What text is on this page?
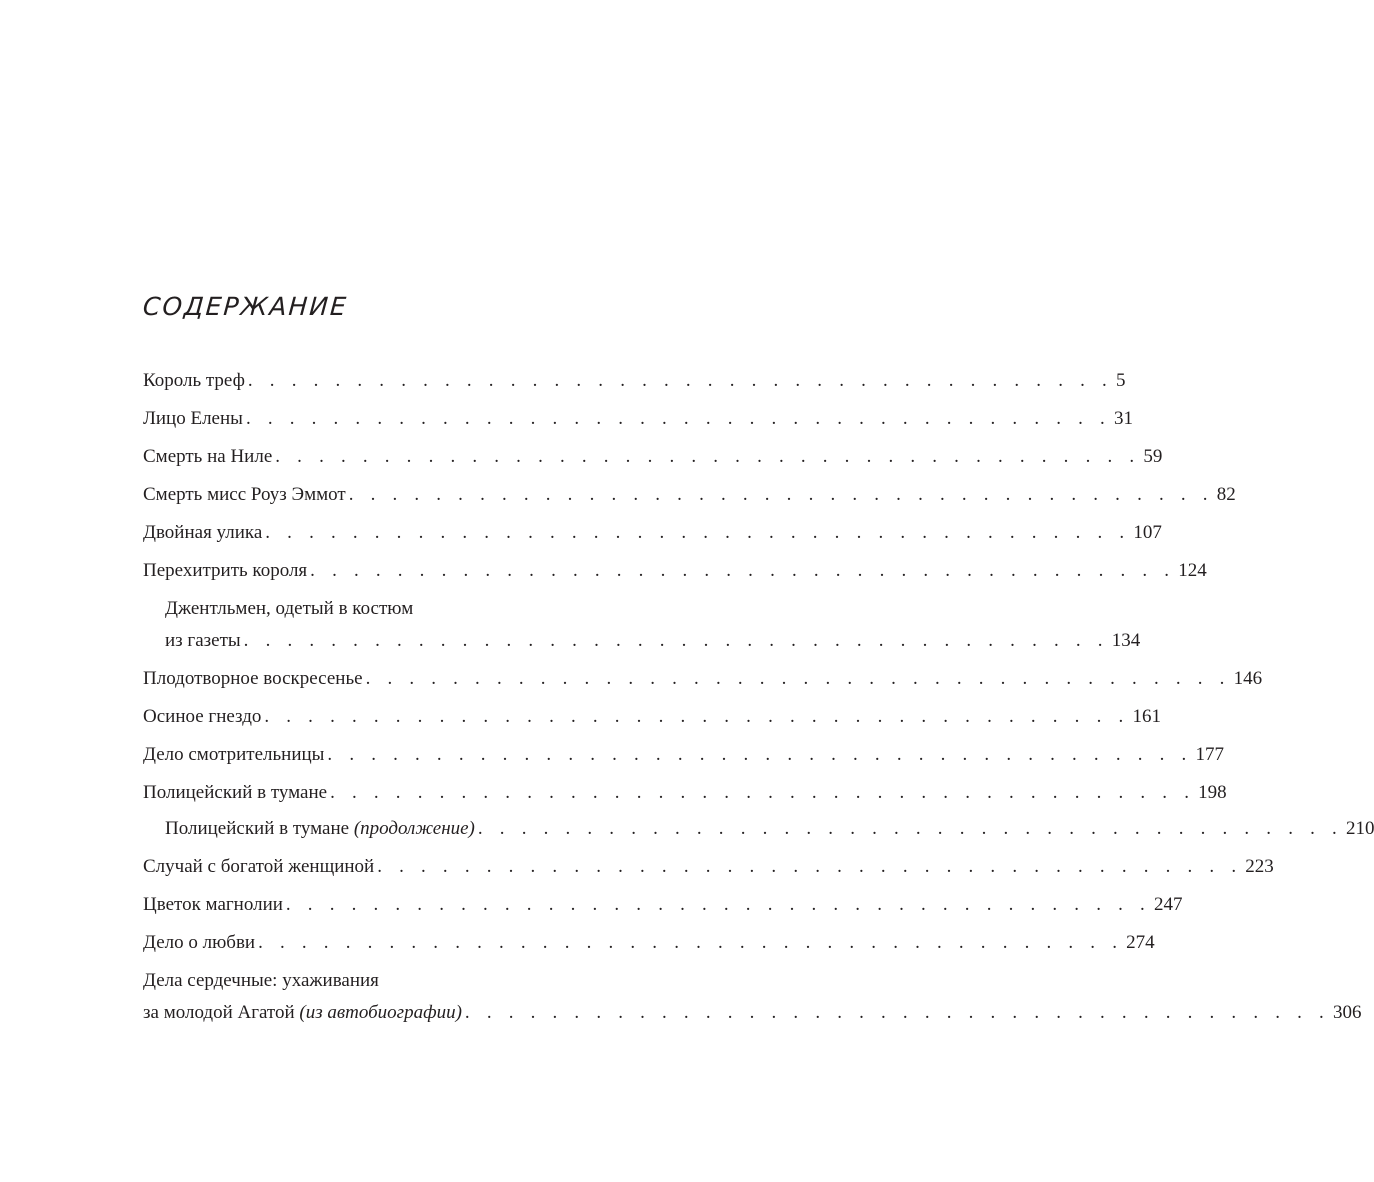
СОДЕРЖАНИЕ
Король треф . . . . . . . . . . . . . . . . . . . . . . . . . . . . . . . . . . . . . . . . 5
Лицо Елены . . . . . . . . . . . . . . . . . . . . . . . . . . . . . . . . . . . . . . . . 31
Смерть на Ниле . . . . . . . . . . . . . . . . . . . . . . . . . . . . . . . . . . . . . . . . 59
Смерть мисс Роуз Эммот . . . . . . . . . . . . . . . . . . . . . . . . . . . . . . . . . . . . . . . . 82
Двойная улика . . . . . . . . . . . . . . . . . . . . . . . . . . . . . . . . . . . . . . . . 107
Перехитрить короля . . . . . . . . . . . . . . . . . . . . . . . . . . . . . . . . . . . . . . . . 124
Джентльмен, одетый в костюм
из газеты . . . . . . . . . . . . . . . . . . . . . . . . . . . . . . . . . . . . . . . . 134
Плодотворное воскресенье . . . . . . . . . . . . . . . . . . . . . . . . . . . . . . . . . . . . . . . . 146
Осиное гнездо . . . . . . . . . . . . . . . . . . . . . . . . . . . . . . . . . . . . . . . . 161
Дело смотрительницы . . . . . . . . . . . . . . . . . . . . . . . . . . . . . . . . . . . . . . . . 177
Полицейский в тумане . . . . . . . . . . . . . . . . . . . . . . . . . . . . . . . . . . . . . . . . 198
Полицейский в тумане (продолжение) . . . . . . . . . . . . . . . . . . . . . . . . . . . . . . . . . . . . . . . . 210
Случай с богатой женщиной . . . . . . . . . . . . . . . . . . . . . . . . . . . . . . . . . . . . . . . . 223
Цветок магнолии . . . . . . . . . . . . . . . . . . . . . . . . . . . . . . . . . . . . . . . . 247
Дело о любви . . . . . . . . . . . . . . . . . . . . . . . . . . . . . . . . . . . . . . . . 274
Дела сердечные: ухаживания
за молодой Агатой (из автобиографии) . . . . . . . . . . . . . . . . . . . . . . . . . . . . . . . . . . . . . . . . 306
